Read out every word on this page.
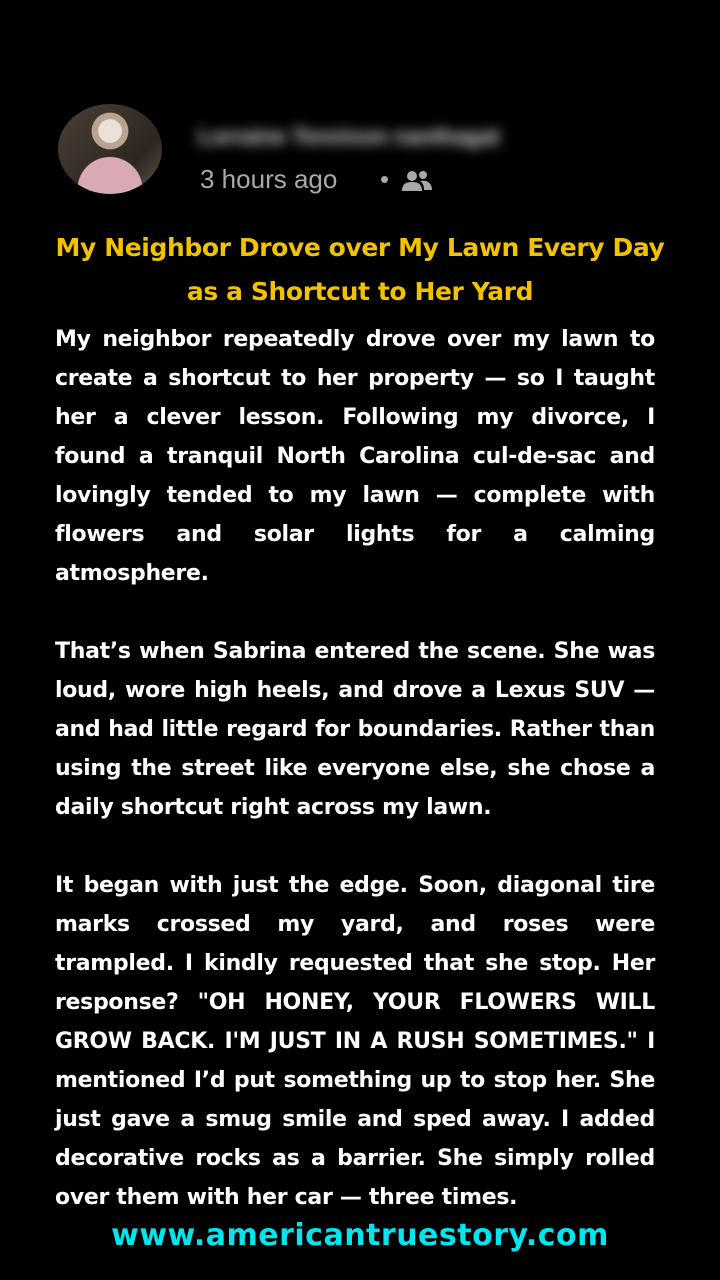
Lorraine Tennison nanthagat
3 hours ago •
My Neighbor Drove over My Lawn Every Day as a Shortcut to Her Yard

My neighbor repeatedly drove over my lawn to create a shortcut to her property — so I taught her a clever lesson. Following my divorce, I found a tranquil North Carolina cul-de-sac and lovingly tended to my lawn — complete with flowers and solar lights for a calming atmosphere.

That’s when Sabrina entered the scene. She was loud, wore high heels, and drove a Lexus SUV — and had little regard for boundaries. Rather than using the street like everyone else, she chose a daily shortcut right across my lawn.

It began with just the edge. Soon, diagonal tire marks crossed my yard, and roses were trampled. I kindly requested that she stop. Her response? "OH HONEY, YOUR FLOWERS WILL GROW BACK. I'M JUST IN A RUSH SOMETIMES." I mentioned I’d put something up to stop her. She just gave a smug smile and sped away. I added decorative rocks as a barrier. She simply rolled over them with her car — three times.

www.americantruestory.com
